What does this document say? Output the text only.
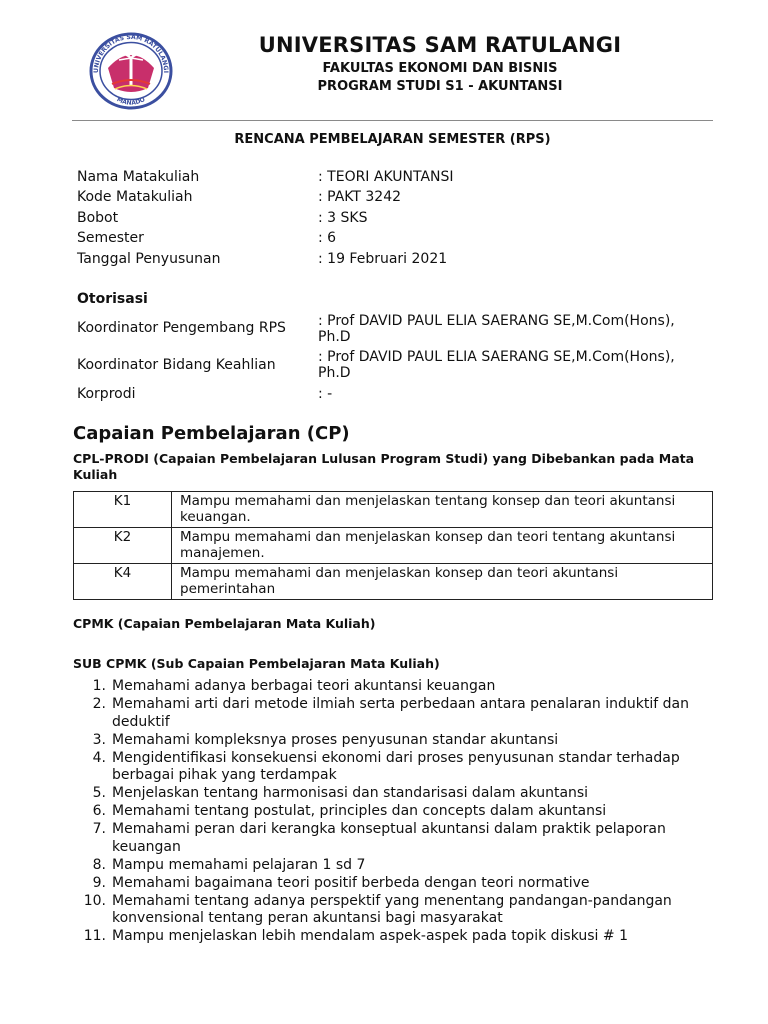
UNIVERSITAS SAM RATULANGI
MANADO
UNIVERSITAS SAM RATULANGI
FAKULTAS EKONOMI DAN BISNIS
PROGRAM STUDI S1 - AKUNTANSI
RENCANA PEMBELAJARAN SEMESTER (RPS)
Nama Matakuliah	: TEORI AKUNTANSI
Kode Matakuliah	: PAKT 3242
Bobot	: 3 SKS
Semester	: 6
Tanggal Penyusunan	: 19 Februari 2021
Otorisasi
Koordinator Pengembang RPS	: Prof DAVID PAUL ELIA SAERANG SE,M.Com(Hons), Ph.D
Koordinator Bidang Keahlian	: Prof DAVID PAUL ELIA SAERANG SE,M.Com(Hons), Ph.D
Korprodi	: -
Capaian Pembelajaran (CP)
CPL-PRODI (Capaian Pembelajaran Lulusan Program Studi) yang Dibebankan pada Mata Kuliah
K1	Mampu memahami dan menjelaskan tentang konsep dan teori akuntansi keuangan.
K2	Mampu memahami dan menjelaskan konsep dan teori tentang akuntansi manajemen.
K4	Mampu memahami dan menjelaskan konsep dan teori akuntansi pemerintahan
CPMK (Capaian Pembelajaran Mata Kuliah)
SUB CPMK (Sub Capaian Pembelajaran Mata Kuliah)
1. Memahami adanya berbagai teori akuntansi keuangan
2. Memahami arti dari metode ilmiah serta perbedaan antara penalaran induktif dan deduktif
3. Memahami kompleksnya proses penyusunan standar akuntansi
4. Mengidentifikasi konsekuensi ekonomi dari proses penyusunan standar terhadap berbagai pihak yang terdampak
5. Menjelaskan tentang harmonisasi dan standarisasi dalam akuntansi
6. Memahami tentang postulat, principles dan concepts dalam akuntansi
7. Memahami peran dari kerangka konseptual akuntansi dalam praktik pelaporan keuangan
8. Mampu memahami pelajaran 1 sd 7
9. Memahami bagaimana teori positif berbeda dengan teori normative
10. Memahami tentang adanya perspektif yang menentang pandangan-pandangan konvensional tentang peran akuntansi bagi masyarakat
11. Mampu menjelaskan lebih mendalam aspek-aspek pada topik diskusi # 1
